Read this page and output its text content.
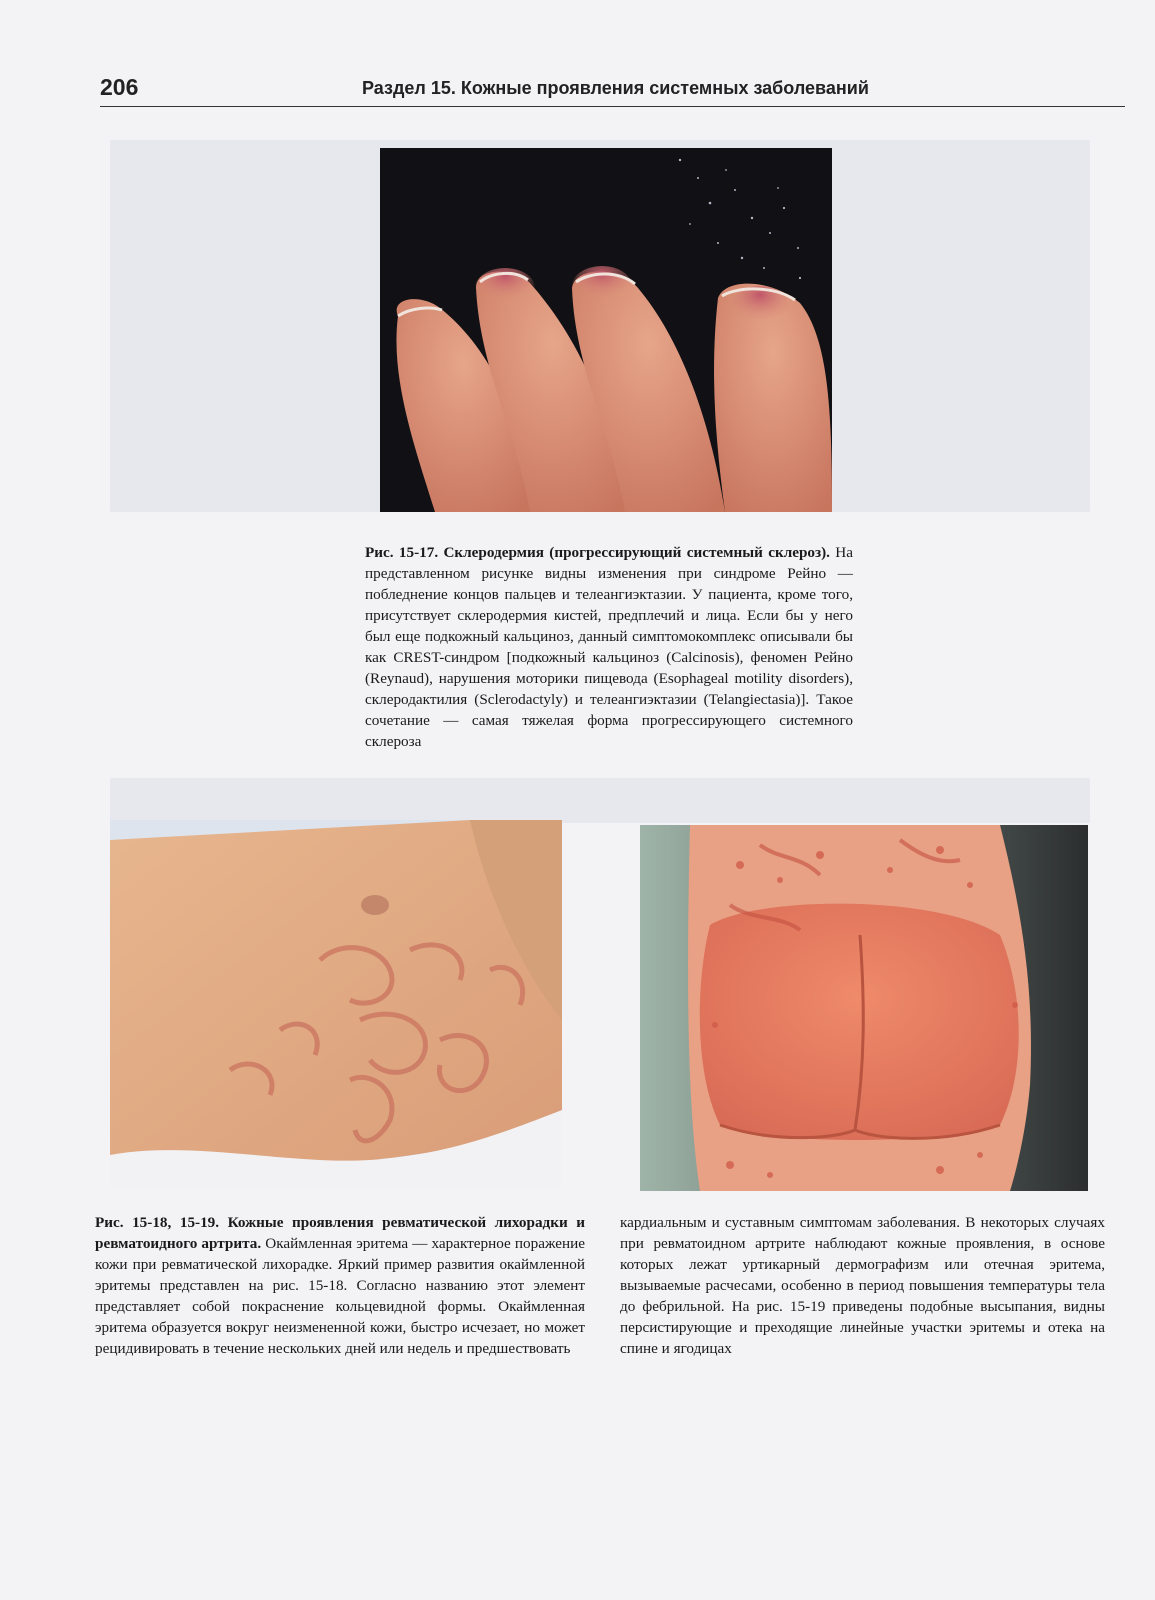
206	Раздел 15. Кожные проявления системных заболеваний
Рис. 15-17. Склеродермия (прогрессирующий системный склероз). На представленном рисунке видны изменения при синдроме Рейно — побледнение концов пальцев и телеангиэктазии. У пациента, кроме того, присутствует склеродермия кистей, предплечий и лица. Если бы у него был еще подкожный кальциноз, данный симптомокомплекс описывали бы как CREST-синдром [подкожный кальциноз (Calcinosis), феномен Рейно (Reynaud), нарушения моторики пищевода (Esophageal motility disorders), склеродактилия (Sclerodactyly) и телеангиэктазии (Telangiectasia)]. Такое сочетание — самая тяжелая форма прогрессирующего системного склероза
Рис. 15-18, 15-19. Кожные проявления ревматической лихорадки и ревматоидного артрита. Окаймленная эритема — характерное поражение кожи при ревматической лихорадке. Яркий пример развития окаймленной эритемы представлен на рис. 15-18. Согласно названию этот элемент представляет собой покраснение кольцевидной формы. Окаймленная эритема образуется вокруг неизмененной кожи, быстро исчезает, но может рецидивировать в течение нескольких дней или недель и предшествовать
кардиальным и суставным симптомам заболевания. В некоторых случаях при ревматоидном артрите наблюдают кожные проявления, в основе которых лежат уртикарный дермографизм или отечная эритема, вызываемые расчесами, особенно в период повышения температуры тела до фебрильной. На рис. 15-19 приведены подобные высыпания, видны персистирующие и преходящие линейные участки эритемы и отека на спине и ягодицах
